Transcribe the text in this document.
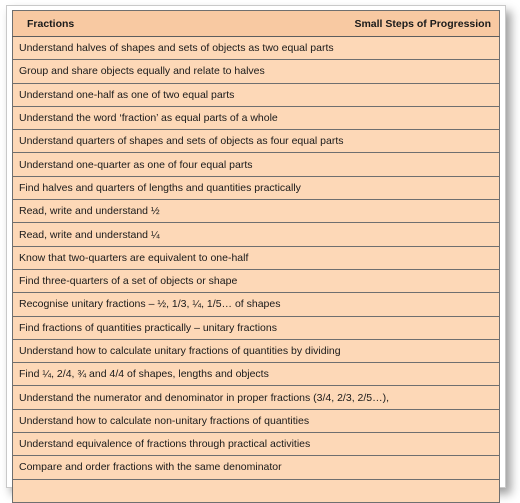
Fractions	Small Steps of Progression

Understand halves of shapes and sets of objects as two equal parts
Group and share objects equally and relate to halves
Understand one-half as one of two equal parts
Understand the word ‘fraction’ as equal parts of a whole
Understand quarters of shapes and sets of objects as four equal parts
Understand one-quarter as one of four equal parts
Find halves and quarters of lengths and quantities practically
Read, write and understand ½
Read, write and understand ¼
Know that two-quarters are equivalent to one-half
Find three-quarters of a set of objects or shape
Recognise unitary fractions – ½, 1/3, ¼, 1/5… of shapes
Find fractions of quantities practically – unitary fractions
Understand how to calculate unitary fractions of quantities by dividing
Find ¼, 2/4, ¾ and 4/4 of shapes, lengths and objects
Understand the numerator and denominator in proper fractions (3/4, 2/3, 2/5…),
Understand how to calculate non-unitary fractions of quantities
Understand equivalence of fractions through practical activities
Compare and order fractions with the same denominator
